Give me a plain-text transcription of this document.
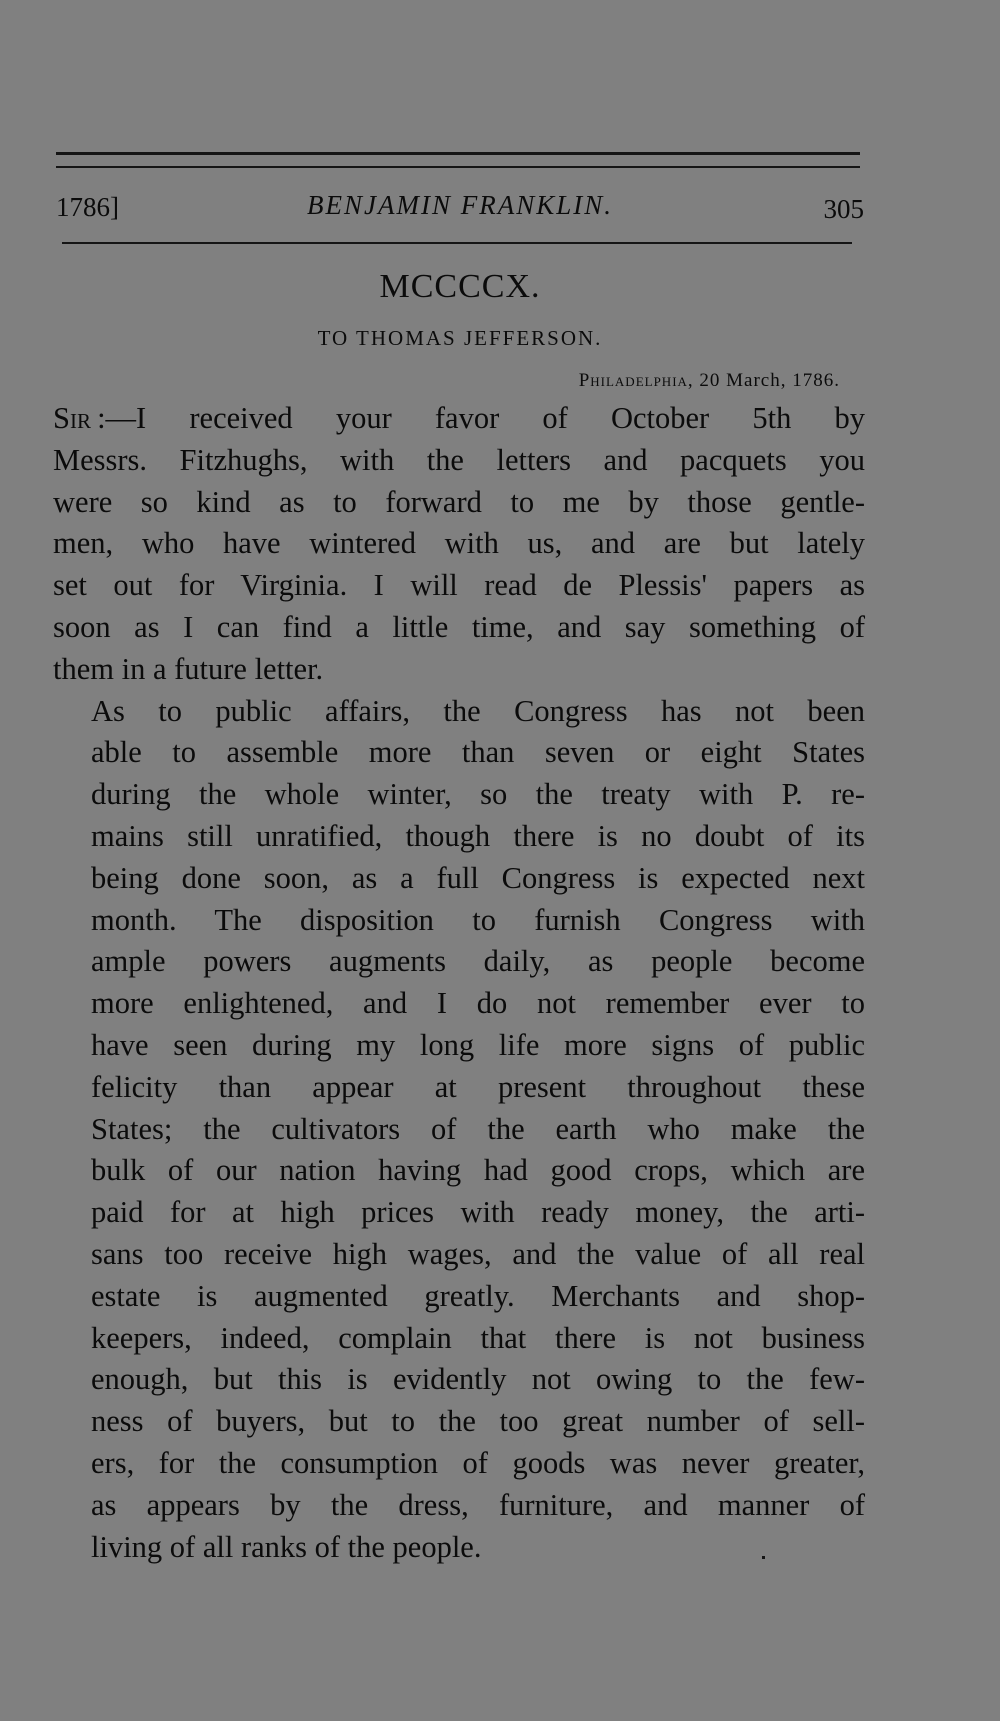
1786]	BENJAMIN FRANKLIN.	305
MCCCCX.
TO THOMAS JEFFERSON.
Philadelphia, 20 March, 1786.

Sir  :—I received your favor of October 5th by
Messrs. Fitzhughs, with the letters and pacquets you
were so kind as to forward to me by those gentle-
men, who have wintered with us, and are but lately
set out for Virginia. I will read de Plessis' papers as
soon as I can find a little time, and say something of
them in a future letter.

As to public affairs, the Congress has not been
able to assemble more than seven or eight States
during the whole winter, so the treaty with P. re-
mains still unratified, though there is no doubt of its
being done soon, as a full Congress is expected next
month. The disposition to furnish Congress with
ample powers augments daily, as people become
more enlightened, and I do not remember ever to
have seen during my long life more signs of public
felicity than appear at present throughout these
States; the cultivators of the earth who make the
bulk of our nation having had good crops, which are
paid for at high prices with ready money, the arti-
sans too receive high wages, and the value of all real
estate is augmented greatly. Merchants and shop-
keepers, indeed, complain that there is not business
enough, but this is evidently not owing to the few-
ness of buyers, but to the too great number of sell-
ers, for the consumption of goods was never greater,
as appears by the dress, furniture, and manner of
living of all ranks of the people.
